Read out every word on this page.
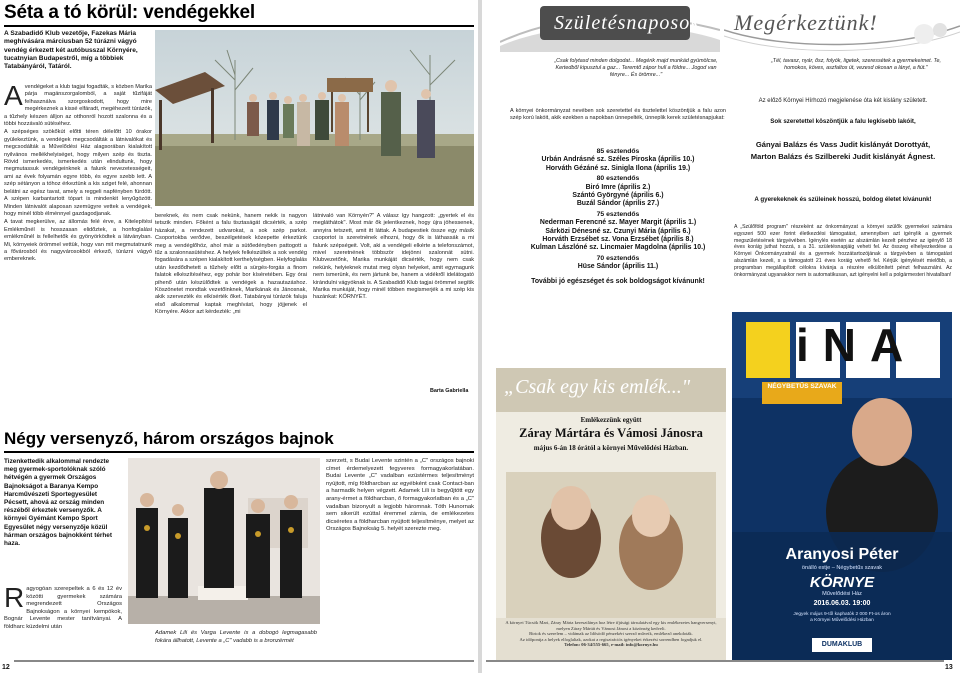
Séta a tó körül: vendégekkel
A Szabadidő Klub vezetője, Fazekas Mária meghívására márciusban 52 túrázni vágyó vendég érkezett két autóbusszal Környére, tucatnyian Budapestről, míg a többiek Tatabányáról, Tatáról.

Avendégeket a klub tagjai fogadták, s közben Marika párja magánszorgalomból, a saját tűzifáját felhasználva szorgoskodott, hogy mire megérkeznek a kissé elfáradt, megéhezett túrázók, a tűzhely készen álljon az otthonról hozott szalonna és a többi hozzávaló sütéséhez.

A szépséges szökőkút előtti téren délelőtt 10 órakor gyülekeztünk, a vendégek megcsodálták a látnivalókat és megcsodálták a Művelődési Ház alagsorában kialakított nyilvános mellékhelyiséget, hogy milyen szép és tiszta. Rövid ismerkedés, ismerkedés után elindultunk, hogy megmutassuk vendégeinknek a falunk nevezetességeit, ami az évek folyamán egyre több, és egyre szebb lett. A szép sétányon a tóhoz érkeztünk a kis sziget felé, ahonnan belátni az egész tavat, amely a reggeli napfényben fürdött. A szépen karbantartott tópart is mindenkit lenyűgözött. Minden látnivalót alaposan szemügyre vettek a vendégek, hogy minél több élménnyel gazdagodjanak.

A tavat megkerülve, az állomás felé érve, a Kitelepítési Emlékműnél is hosszasan elidőztek, a honfoglalási emlékműnél is fellelhetők és gyönyörködtek a látványban. Mi, környeiek örömmel vettük, hogy van mit megmutatnunk a fővárosból és nagyvárosokból érkező, túrázni vágyó embereknek.

bereknek, és nem csak nekünk, hanem nekik is nagyon tetszik minden. Főként a falu tisztaságát dicsérték, a szép házakat, a rendezett udvarokat, a sok szép parkot. Csoportokba verődve, beszélgetések közepette érkeztünk meg a vendéglőhöz, ahol már a sütőedényben pattogott a tűz a szalonnasütéshez. A helyiek felkészültek a sok vendég fogadására a szépen kialakított kerthelyiségben. Helyfoglalás után kezdődhetett a tűzhely előtt a sürgés-forgás a finom falatok elkészítéséhez, egy pohár bor kíséretében. Egy órai pihenő után készülődtek a vendégek a hazautazáshoz. Köszönetet mondtak vezetőinknek, Marikának és Jánosnak, akik szervezték és elkísérték őket. Tatabányai túrázók faluja első alkalommal kaptak meghívást, hogy jöjjenek el Környére. Akkor azt kérdezték: „mi
látnivaló van Környén?" A válasz így hangzott: „gyertek el és megláthátok". Most már ők jelentkeznek, hogy újra jöhessenek, annyira tetszett, amit itt láttak. A budapestiek össze egy másik csoportot is szeretnének elhozni, hogy ők is láthassák a mi falunk szépségeit. Volt, aki a vendégeli elkérte a telefonszámot, mivel szeretnének többször idejönni szalonnát sütni. Klubvezetőnk, Marika munkáját dicsérték, hogy nem csak nekünk, helyieknek mutat meg olyan helyeket, amit egymagunk nem ismerünk, és nem jártunk be, hanem a vidékről idelátogató kirándulni vágyóknak is. A Szabadidő Klub tagjai örömmel segítik Marika munkáját, hogy minél többen megismerjék a mi szép kis hazánkat: KÖRNYÉT.
Barta Gabriella
Négy versenyző, három országos bajnok
Tizenkettedik alkalommal rendezte meg gyermek-sportolóknak szóló hétvégén a gyermek Országos Bajnokságot a Baranya Kempo Harcművészeti Sportegyesület Pécsett, ahová az ország minden részéből érkeztek versenyzők. A környei Gyémánt Kempo Sport Egyesület négy versenyzője közül hárman országos bajnokként térhet haza.
Ragyogóan szerepeltek a 6 és 12 év közötti gyermekek számára megrendezett Országos Bajnokságon a környei kempókok, Bognár Levente mester tanítványai. A földharc küzdelmi után
Adamek Lili és Varga Levente is a dobogó legmagasabb fokára állhatott, Levente a „C" vadabb is a bronzérmét
szerzett, s Budai Levente szintén a „C" országos bajnoki címet érdemelyezett fegyveres formagyakorlatában. Budai Levente „C" vadalban ezüstérmes teljesítményt nyújtott, míg földharcban az egyébként csak Contact-ban a harmadik helyen végzett. Adamek Lili is begyűjtött egy arany-érmet a földharcban, ő formagyakorlatban és a „C" vadalban bizonyult a legjobb háromnak. Tóth Hunornak sem sikerült ezúttal éremmel zárnia, de emlékezetes dicséretes a földharcban nyújtott teljesítménye, melyet az Országos Bajnokság 5. helyét szerezte meg.
12
Születésnaposok Megérkeztünk!
„Csak folytasd minden dolgodat... Megérik majd munkád gyümölcse, Kertedből kipusztul a gaz... Teremtő zápor hull a földre... Jogod van fényre... És örömre..."
A környei önkormányzat nevében sok szeretettel és tisztelettel köszöntjük a falu azon szép korú lakóit, akik ezekben a napokban ünnepelték, ünneplik kerek születésnapjukat:
85 esztendős
Urbán Andrásné sz. Széles Piroska (április 10.)
Horváth Gézáné sz. Sinigla Ilona (április 19.)
80 esztendős
Biró Imre (április 2.)
Szántó Györgyné (április 6.)
Buzál Sándor (április 27.)
75 esztendős
Nederman Ferencné sz. Mayer Margit (április 1.)
Sárközi Dénesné sz. Czunyi Mária (április 6.)
Horváth Erzsébet sz. Vona Erzsébet (április 8.)
Kulman Lászlóné sz. Lincmaier Magdolna (április 10.)
70 esztendős
Hüse Sándor (április 11.)
További jó egészséget és sok boldogságot kívánunk!
„Tél, tavasz, nyár, ősz, folyók, ligetek, szeressétek a gyermekeimet. Te, homokos, köves, aszfaltos út, vezesd okosan a lányt, a fiút."
Az előző Környei Hírhozó megjelenése óta két kislány született.
Sok szeretettel köszöntjük a falu legkisebb lakóit,
Gányai Balázs és Vass Judit kislányát Dorottyát,
Marton Balázs és Szilbereki Judit kislányát Ágnest.
A gyerekeknek és szüleinek hosszú, boldog életet kívánunk!
A „Szülőföld program" részeként az önkormányzat a környei szülők gyermekei számára egyszeri 500 ezer forint életkezdési támogatást, amennyiben azt igénylik a gyermek megszületésének tárgyévében. Igénylés esetén az alszámlán kezelt pénzhez az igénylő 18 éves koráig juthat hozzá, s a 31. születésnapjáig veheti fel. Az összeg elhelyezkedése a Környei Önkormányzatnál és a gyermek hozzátartozójának a tárgyévben a támogatást alszámlán kezeli, s a támogatott 21 éves koráig vehető fel. Kérjük igénylését mielőbb, a programban megállapított célokra kívánja a részére elkülönített pénzt felhasználni. Az önkormányzat ugyanakkor nem is automatikusan, azt igényelni kell a polgármesteri hivatalban!
„Csak egy kis emlék..."
Emlékezzünk együtt
Záray Mártára és Vámosi Jánosra
május 6-án 18 órától a környei Művelődési Házban.
A környei Tücsök Mari, Záray Márta keresztlánya hoz létre ifjúsági társulatával egy kis emlékezetes hangversenyt, melyen Záray Mártát és Vámosi Jánost a közönség kedveli.
Birtok és szerelem – vidámak az Idősödő pénzekért szerző műveik, emlékező anekdoták.
Az időpontja a helyek elfoglaltak, azokat a regisztrációs igényeket érkezési sorrendben fogadjuk el.
Telefon: 06-34/555-665, e-mail: info@kornye.hu
iNA
NÉGYBETŰS SZAVAK
Aranyosi Péter
önálló estje – Négybetűs szavak
KÖRNYE
Művelődési Ház
2016.06.03. 19:00
Jegyek május 9-től kaphatók 2 000 Ft-os áron
a Környei Művelődési Házban
DUMAKLUB
13
